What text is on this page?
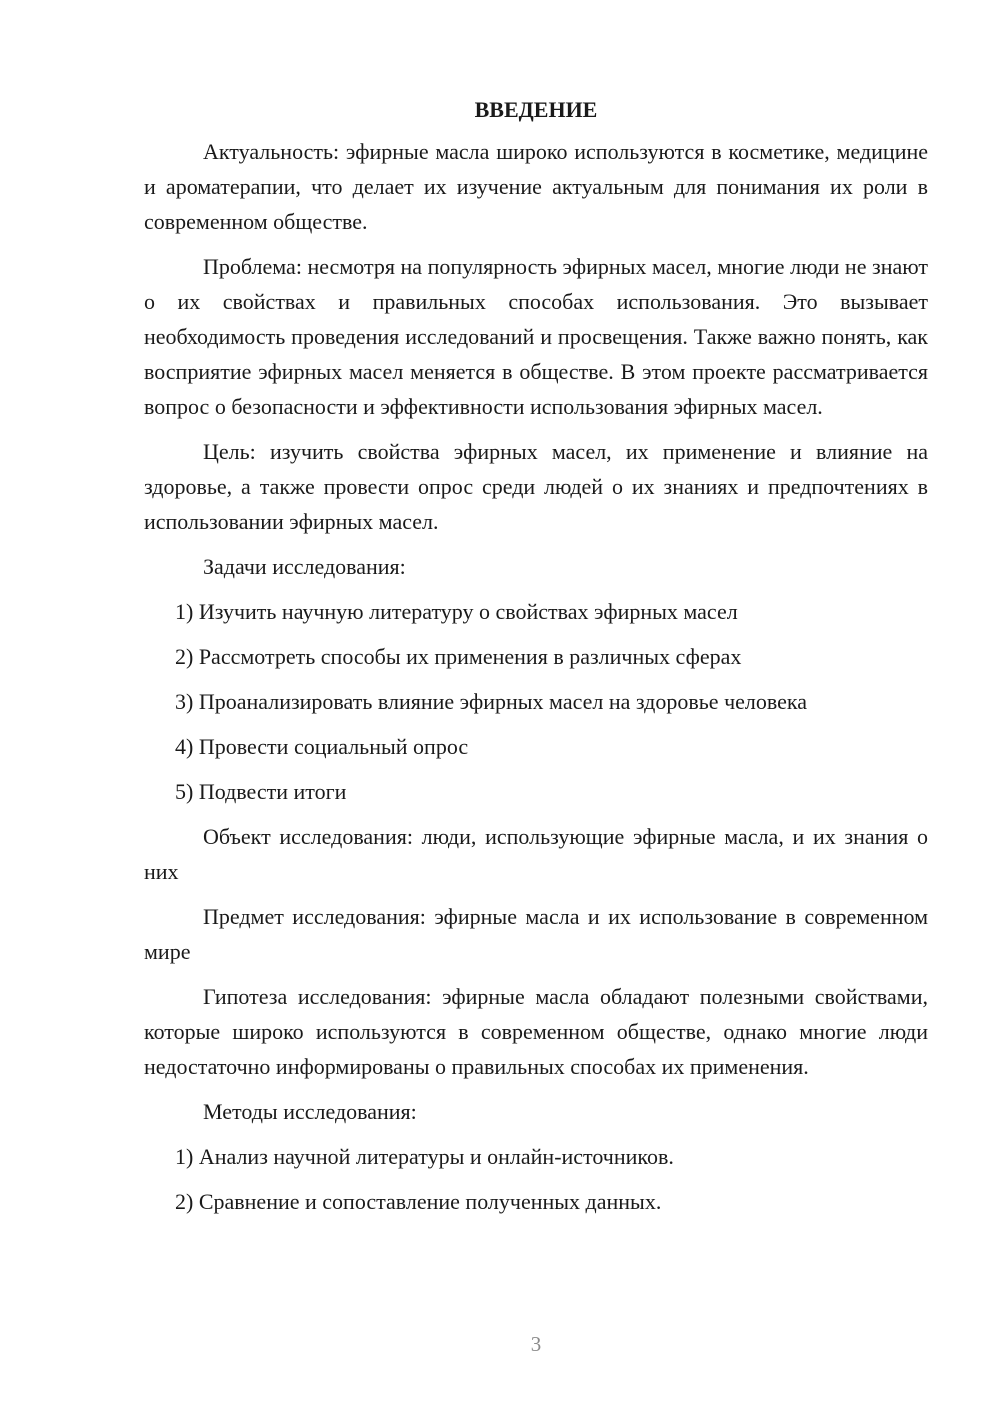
ВВЕДЕНИЕ

Актуальность: эфирные масла широко используются в косметике, медицине и ароматерапии, что делает их изучение актуальным для понимания их роли в современном обществе.

Проблема: несмотря на популярность эфирных масел, многие люди не знают о их свойствах и правильных способах использования. Это вызывает необходимость проведения исследований и просвещения. Также важно понять, как восприятие эфирных масел меняется в обществе. В этом проекте рассматривается вопрос о безопасности и эффективности использования эфирных масел.

Цель: изучить свойства эфирных масел, их применение и влияние на здоровье, а также провести опрос среди людей о их знаниях и предпочтениях в использовании эфирных масел.

Задачи исследования:

1) Изучить научную литературу о свойствах эфирных масел
2) Рассмотреть способы их применения в различных сферах
3) Проанализировать влияние эфирных масел на здоровье человека
4) Провести социальный опрос
5) Подвести итоги

Объект исследования: люди, использующие эфирные масла, и их знания о них

Предмет исследования: эфирные масла и их использование в современном мире

Гипотеза исследования: эфирные масла обладают полезными свойствами, которые широко используются в современном обществе, однако многие люди недостаточно информированы о правильных способах их применения.

Методы исследования:

1) Анализ научной литературы и онлайн-источников.
2) Сравнение и сопоставление полученных данных.
3
